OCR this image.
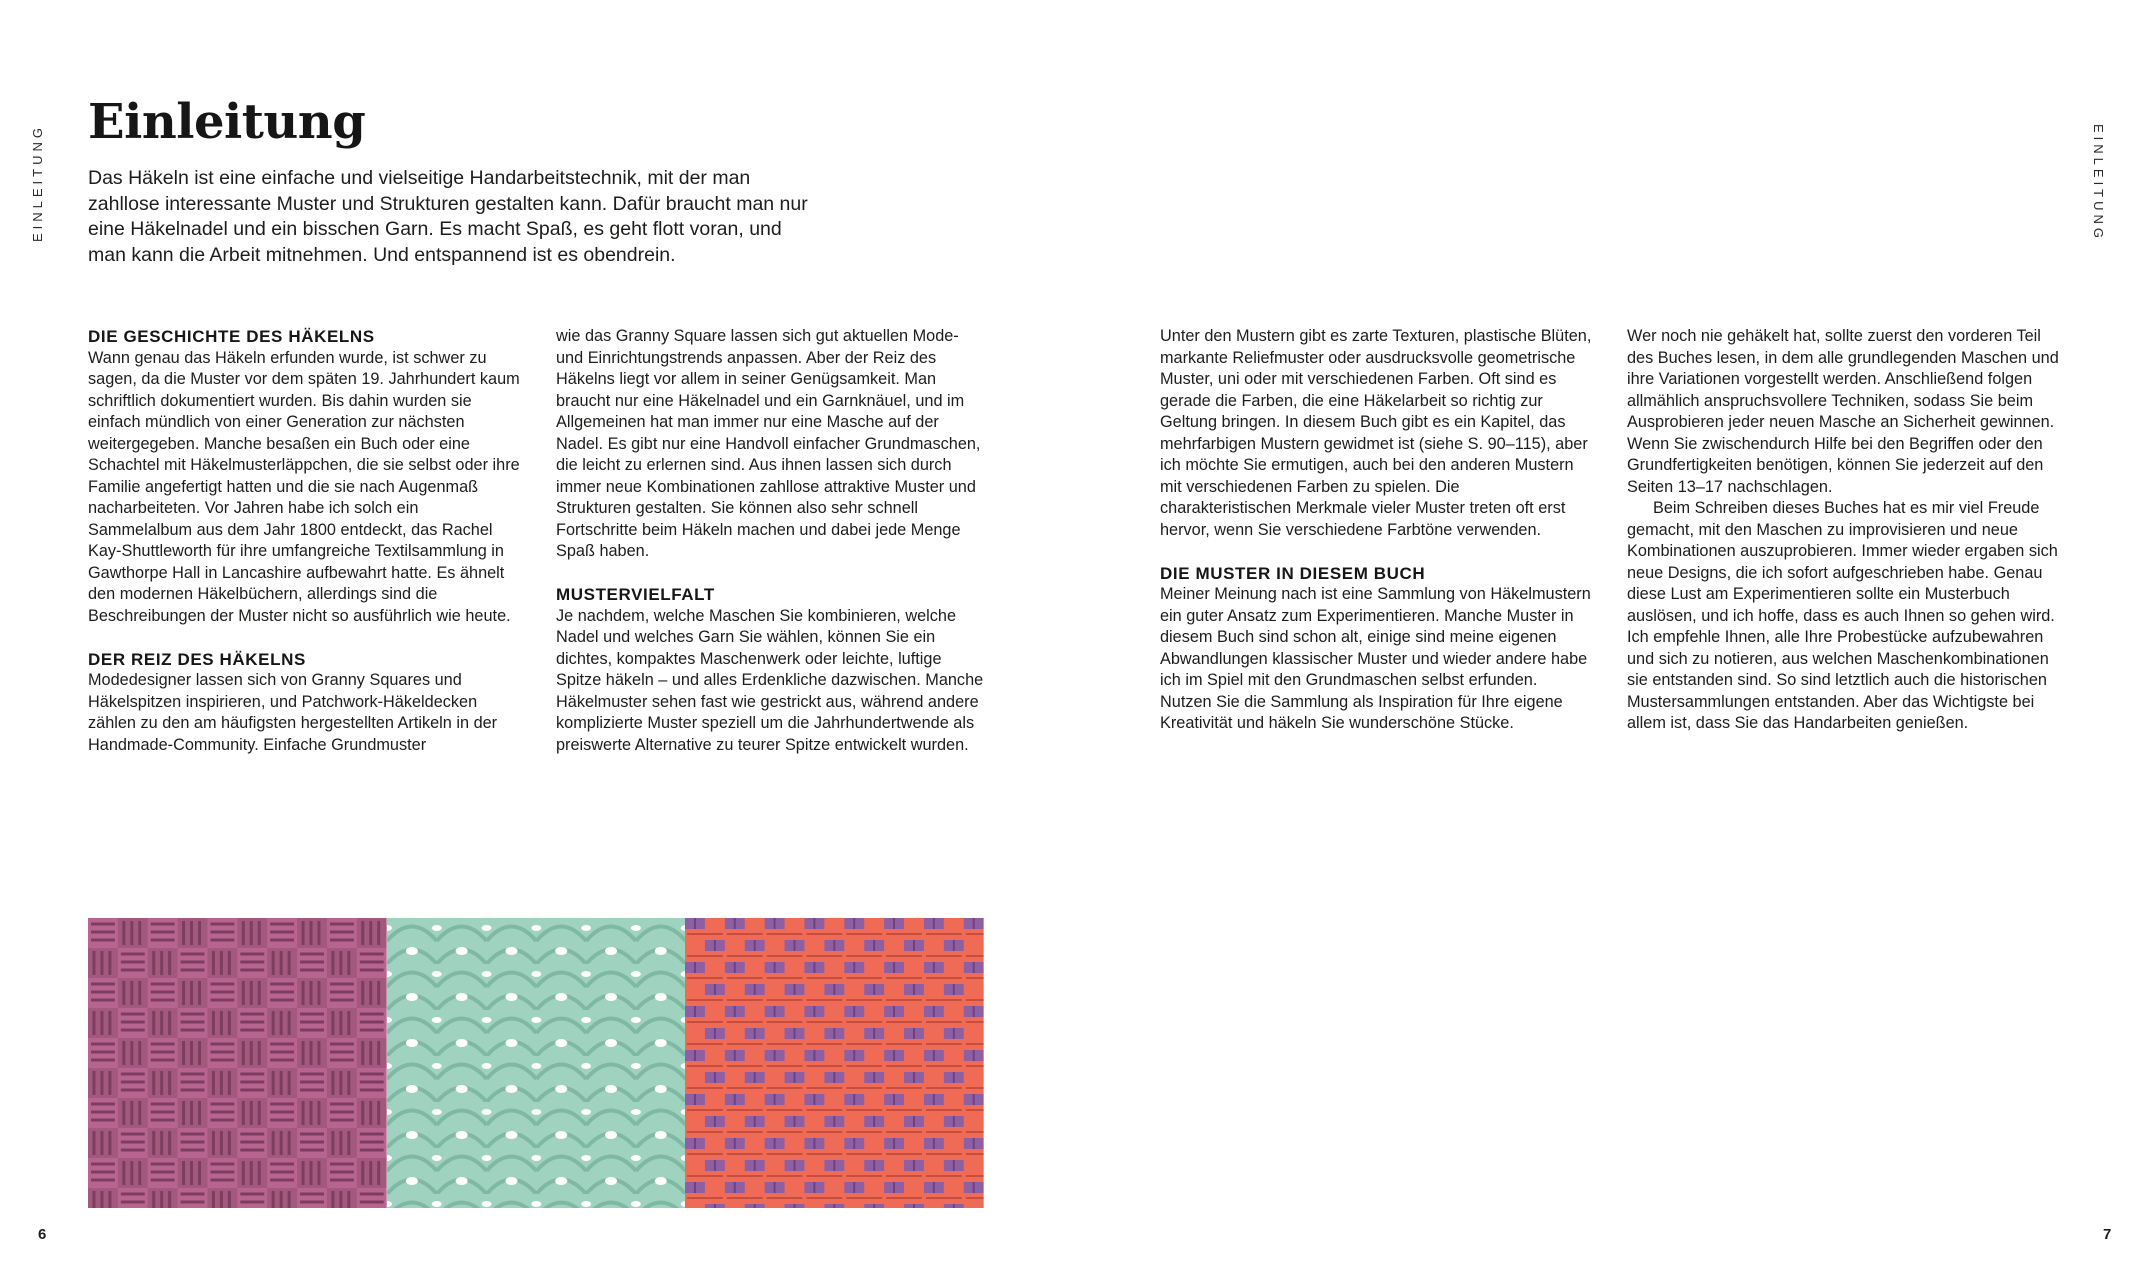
EINLEITUNG
Einleitung

Das Häkeln ist eine einfache und vielseitige Handarbeitstechnik, mit der man zahllose interessante Muster und Strukturen gestalten kann. Dafür braucht man nur eine Häkelnadel und ein bisschen Garn. Es macht Spaß, es geht flott voran, und man kann die Arbeit mitnehmen. Und entspannend ist es obendrein.

DIE GESCHICHTE DES HÄKELNS

Wann genau das Häkeln erfunden wurde, ist schwer zu sagen, da die Muster vor dem späten 19. Jahrhundert kaum schriftlich dokumentiert wurden. Bis dahin wurden sie einfach mündlich von einer Generation zur nächsten weitergegeben. Manche besaßen ein Buch oder eine Schachtel mit Häkelmusterläppchen, die sie selbst oder ihre Familie angefertigt hatten und die sie nach Augenmaß nacharbeiteten. Vor Jahren habe ich solch ein Sammelalbum aus dem Jahr 1800 entdeckt, das Rachel Kay-Shuttleworth für ihre umfangreiche Textilsammlung in Gawthorpe Hall in Lancashire aufbewahrt hatte. Es ähnelt den modernen Häkelbüchern, allerdings sind die Beschreibungen der Muster nicht so ausführlich wie heute.

DER REIZ DES HÄKELNS

Modedesigner lassen sich von Granny Squares und Häkelspitzen inspirieren, und Patchwork-Häkeldecken zählen zu den am häufigsten hergestellten Artikeln in der Handmade-Community. Einfache Grundmuster

wie das Granny Square lassen sich gut aktuellen Mode- und Einrichtungstrends anpassen. Aber der Reiz des Häkelns liegt vor allem in seiner Genügsamkeit. Man braucht nur eine Häkelnadel und ein Garnknäuel, und im Allgemeinen hat man immer nur eine Masche auf der Nadel. Es gibt nur eine Handvoll einfacher Grundmaschen, die leicht zu erlernen sind. Aus ihnen lassen sich durch immer neue Kombinationen zahllose attraktive Muster und Strukturen gestalten. Sie können also sehr schnell Fortschritte beim Häkeln machen und dabei jede Menge Spaß haben.

MUSTERVIELFALT

Je nachdem, welche Maschen Sie kombinieren, welche Nadel und welches Garn Sie wählen, können Sie ein dichtes, kompaktes Maschenwerk oder leichte, luftige Spitze häkeln – und alles Erdenkliche dazwischen. Manche Häkelmuster sehen fast wie gestrickt aus, während andere komplizierte Muster speziell um die Jahrhundertwende als preiswerte Alternative zu teurer Spitze entwickelt wurden.

6
EINLEITUNG

Unter den Mustern gibt es zarte Texturen, plastische Blüten, markante Reliefmuster oder ausdrucksvolle geometrische Muster, uni oder mit verschiedenen Farben. Oft sind es gerade die Farben, die eine Häkelarbeit so richtig zur Geltung bringen. In diesem Buch gibt es ein Kapitel, das mehrfarbigen Mustern gewidmet ist (siehe S. 90–115), aber ich möchte Sie ermutigen, auch bei den anderen Mustern mit verschiedenen Farben zu spielen. Die charakteristischen Merkmale vieler Muster treten oft erst hervor, wenn Sie verschiedene Farbtöne verwenden.

DIE MUSTER IN DIESEM BUCH

Meiner Meinung nach ist eine Sammlung von Häkelmustern ein guter Ansatz zum Experimentieren. Manche Muster in diesem Buch sind schon alt, einige sind meine eigenen Abwandlungen klassischer Muster und wieder andere habe ich im Spiel mit den Grundmaschen selbst erfunden. Nutzen Sie die Sammlung als Inspiration für Ihre eigene Kreativität und häkeln Sie wunderschöne Stücke.

Wer noch nie gehäkelt hat, sollte zuerst den vorderen Teil des Buches lesen, in dem alle grundlegenden Maschen und ihre Variationen vorgestellt werden. Anschließend folgen allmählich anspruchsvollere Techniken, sodass Sie beim Ausprobieren jeder neuen Masche an Sicherheit gewinnen. Wenn Sie zwischendurch Hilfe bei den Begriffen oder den Grundfertigkeiten benötigen, können Sie jederzeit auf den Seiten 13–17 nachschlagen.

Beim Schreiben dieses Buches hat es mir viel Freude gemacht, mit den Maschen zu improvisieren und neue Kombinationen auszuprobieren. Immer wieder ergaben sich neue Designs, die ich sofort aufgeschrieben habe. Genau diese Lust am Experimentieren sollte ein Musterbuch auslösen, und ich hoffe, dass es auch Ihnen so gehen wird. Ich empfehle Ihnen, alle Ihre Probestücke aufzubewahren und sich zu notieren, aus welchen Maschenkombinationen sie entstanden sind. So sind letztlich auch die historischen Mustersammlungen entstanden. Aber das Wichtigste bei allem ist, dass Sie das Handarbeiten genießen.

7
